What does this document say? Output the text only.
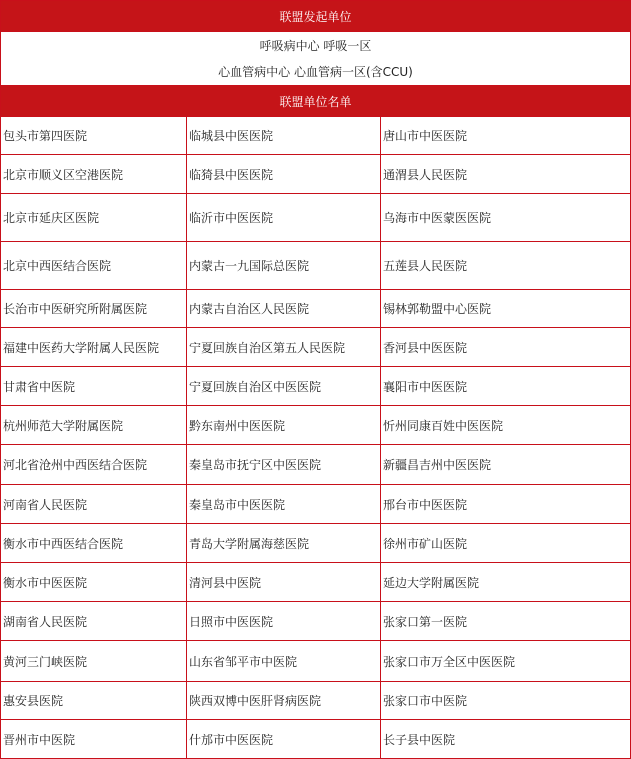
联盟发起单位		

呼吸病中心 呼吸一区
心血管病中心 心血管病一区(含CCU)		

联盟单位名单		
包头市第四医院	临城县中医医院	唐山市中医医院
北京市顺义区空港医院	临猗县中医医院	通渭县人民医院
北京市延庆区医院	临沂市中医医院	乌海市中医蒙医医院
北京中西医结合医院	内蒙古一九国际总医院	五莲县人民医院
长治市中医研究所附属医院	内蒙古自治区人民医院	锡林郭勒盟中心医院
福建中医药大学附属人民医院	宁夏回族自治区第五人民医院	香河县中医医院
甘肃省中医院	宁夏回族自治区中医医院	襄阳市中医医院
杭州师范大学附属医院	黔东南州中医医院	忻州同康百姓中医医院
河北省沧州中西医结合医院	秦皇岛市抚宁区中医医院	新疆昌吉州中医医院
河南省人民医院	秦皇岛市中医医院	邢台市中医医院
衡水市中西医结合医院	青岛大学附属海慈医院	徐州市矿山医院
衡水市中医医院	清河县中医院	延边大学附属医院
湖南省人民医院	日照市中医医院	张家口第一医院
黄河三门峡医院	山东省邹平市中医院	张家口市万全区中医医院
惠安县医院	陕西双博中医肝肾病医院	张家口市中医院
晋州市中医院	什邡市中医医院	长子县中医院
